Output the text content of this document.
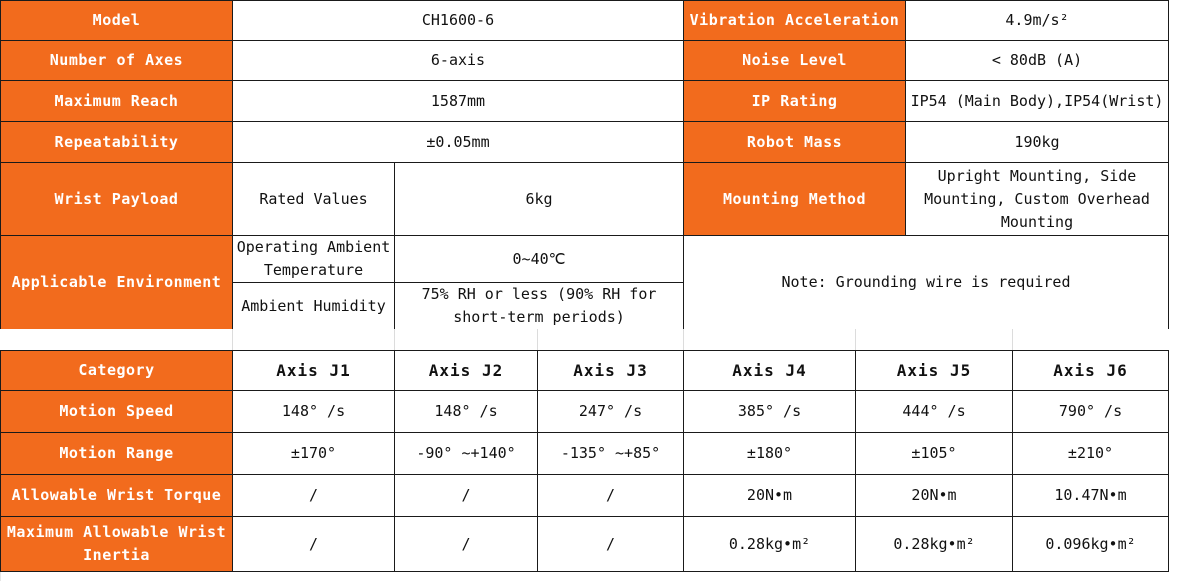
Model	CH1600-6		Vibration Acceleration	4.9m/s²
Number of Axes	6-axis		Noise Level	< 80dB (A)
Maximum Reach	1587mm		IP Rating	IP54 (Main Body),IP54(Wrist)
Repeatability	±0.05mm		Robot Mass	190kg
Wrist Payload	Rated Values	6kg	Mounting Method	Upright Mounting, Side Mounting, Custom Overhead Mounting
Applicable Environment	Operating Ambient Temperature	0~40℃	Note: Grounding wire is required	
	Ambient Humidity	75% RH or less (90% RH for short-term periods)		
Category	Axis J1	Axis J2	Axis J3	Axis J4	Axis J5	Axis J6
Motion Speed	148° /s	148° /s	247° /s	385° /s	444° /s	790° /s
Motion Range	±170°	-90° ~+140°	-135° ~+85°	±180°	±105°	±210°
Allowable Wrist Torque	/	/	/	20N•m	20N•m	10.47N•m
Maximum Allowable Wrist Inertia	/	/	/	0.28kg•m²	0.28kg•m²	0.096kg•m²
